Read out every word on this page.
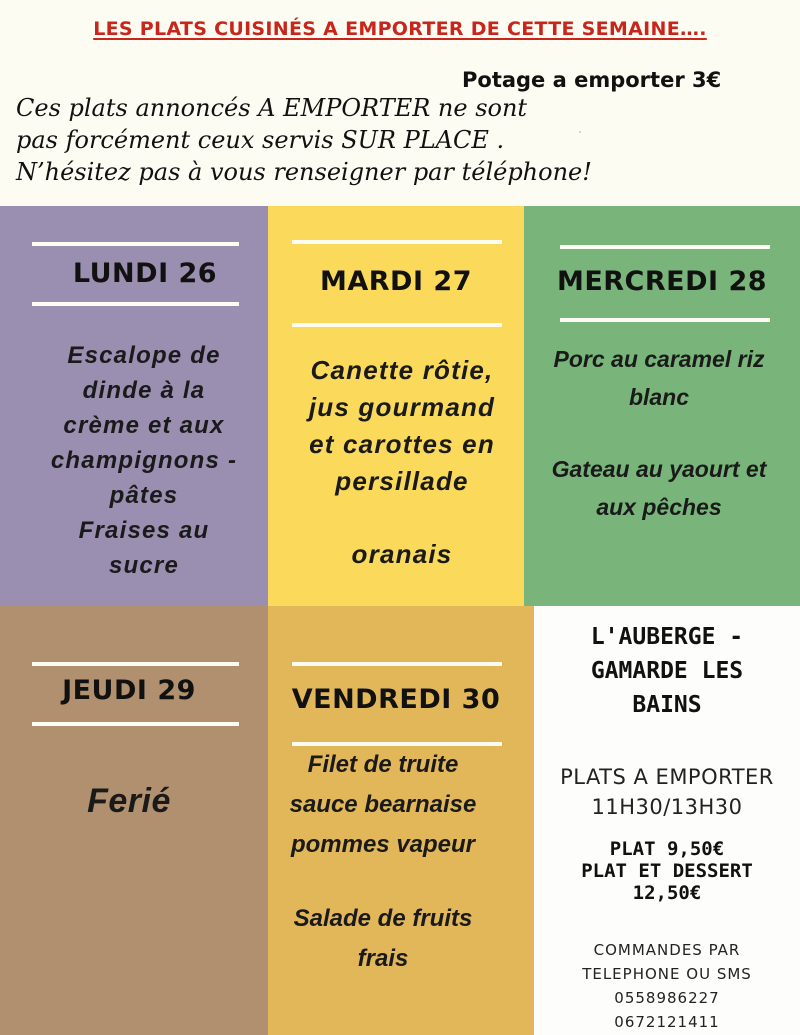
LES PLATS CUISINÉS A EMPORTER DE CETTE SEMAINE….
Potage a emporter 3€
Ces plats annoncés A EMPORTER ne sont
pas forcément ceux servis SUR PLACE .
N’hésitez pas à vous renseigner par téléphone!
LUNDI 26	MARDI 27	MERCREDI 28
JEUDI 29	VENDREDI 30
Escalope de
dinde à la
crème et aux
champignons -
pâtes
Fraises au
sucre
Canette rôtie,
jus gourmand
et carottes en
persillade
oranais
Porc au caramel riz
blanc
Gateau au yaourt et
aux pêches
Ferié
Filet de truite
sauce bearnaise
pommes vapeur
Salade de fruits
frais
L'AUBERGE -
GAMARDE LES
BAINS
PLATS A EMPORTER
11H30/13H30
PLAT 9,50€
PLAT ET DESSERT
12,50€
COMMANDES PAR
TELEPHONE OU SMS
0558986227
0672121411
